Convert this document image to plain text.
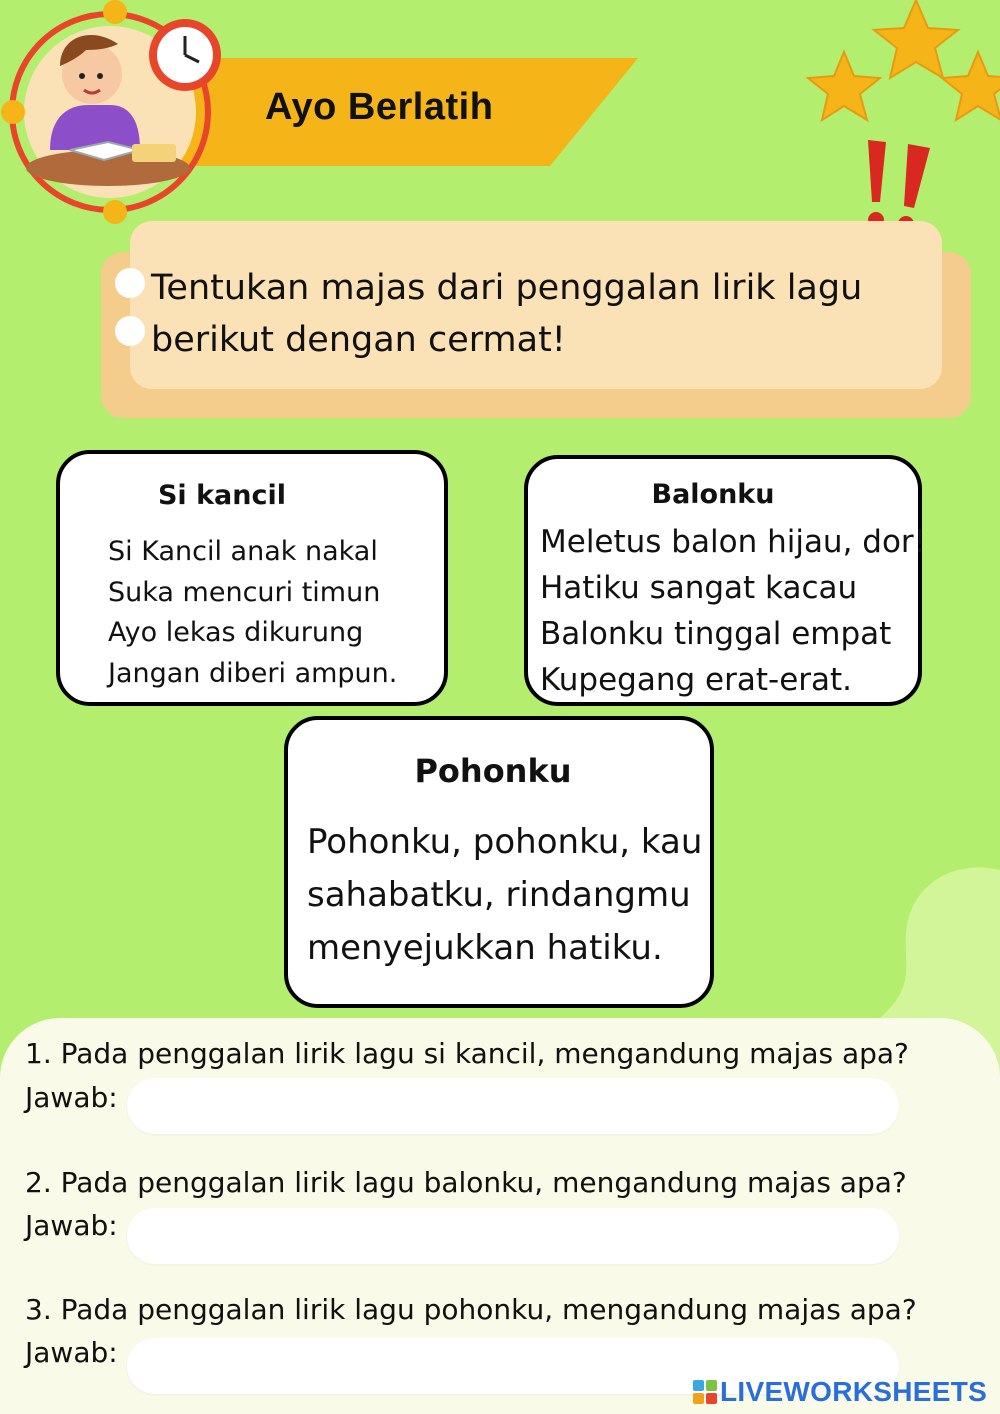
Ayo Berlatih
Tentukan majas dari penggalan lirik lagu
berikut dengan cermat!
Si kancil
Si Kancil anak nakal
Suka mencuri timun
Ayo lekas dikurung
Jangan diberi ampun.
Balonku
Meletus balon hijau, dor!
Hatiku sangat kacau
Balonku tinggal empat
Kupegang erat-erat.
Pohonku
Pohonku, pohonku, kau
sahabatku, rindangmu
menyejukkan hatiku.
1. Pada penggalan lirik lagu si kancil, mengandung majas apa?
Jawab:
2. Pada penggalan lirik lagu balonku, mengandung majas apa?
Jawab:
3. Pada penggalan lirik lagu pohonku, mengandung majas apa?
Jawab:
LIVEWORKSHEETS
